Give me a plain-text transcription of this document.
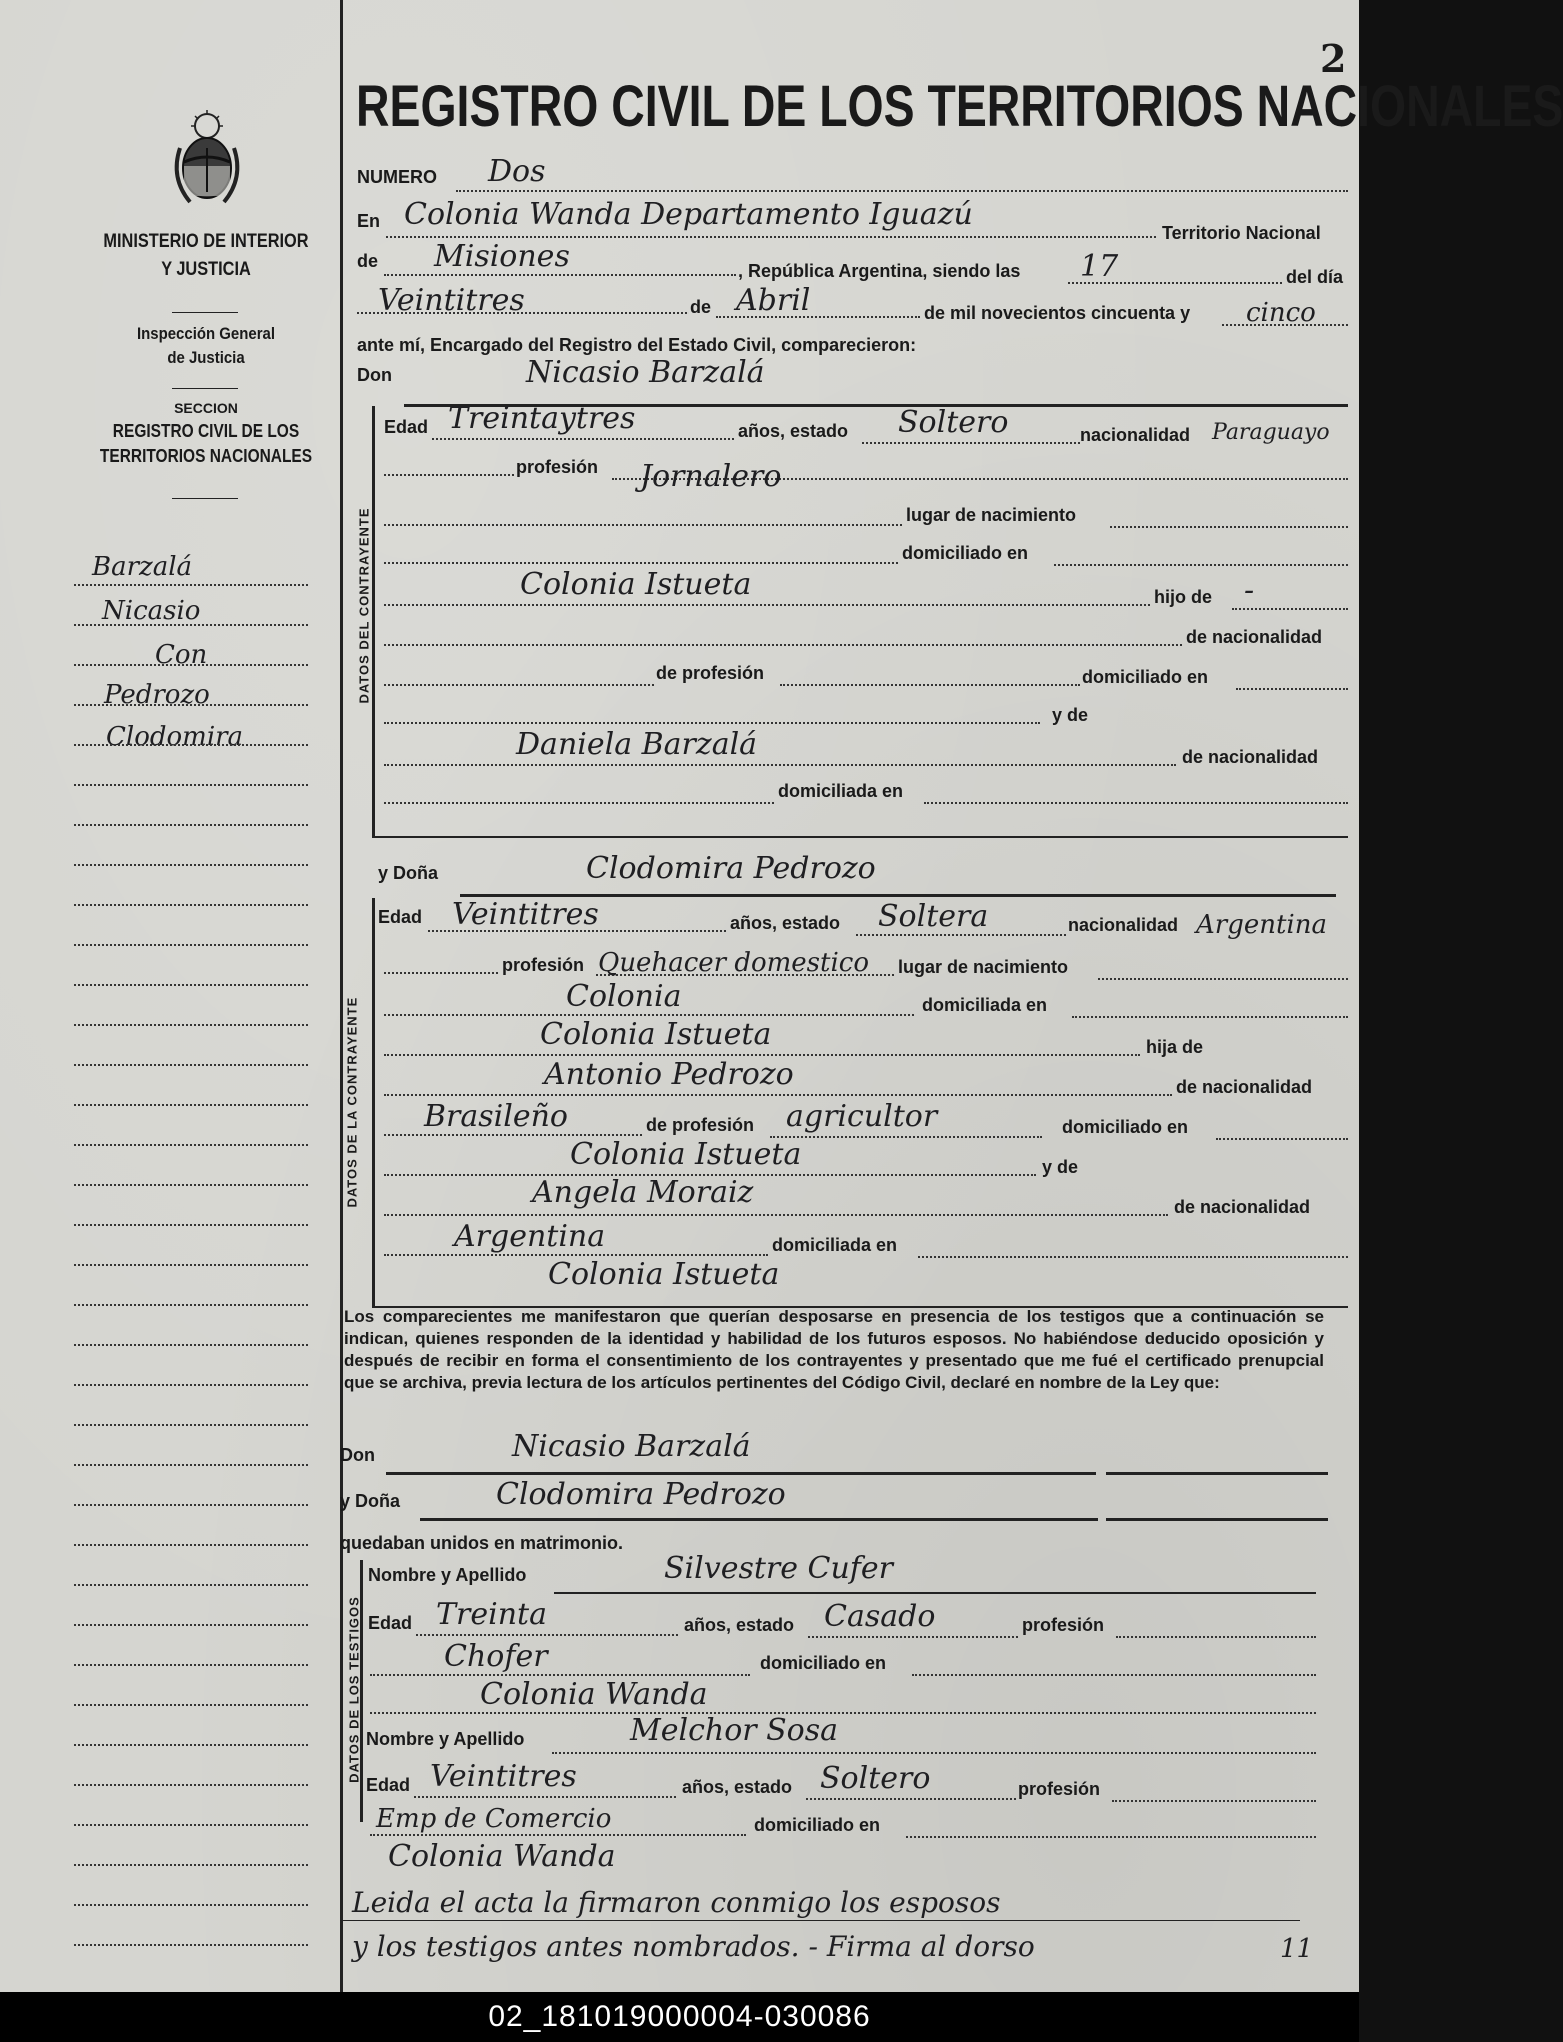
MINISTERIO DE INTERIOR
Y JUSTICIA
Inspección General
de Justicia
SECCION
REGISTRO CIVIL DE LOS
TERRITORIOS NACIONALES
Barzalá
Nicasio
Con
Pedrozo
Clodomira
2
REGISTRO CIVIL DE LOS TERRITORIOS NACIONALES
NUMERO Dos
En Colonia Wanda Departamento Iguazú
Territorio Nacional
de Misiones	, República Argentina, siendo las 17	del día
Veintitres	de Abril	de mil novecientos cincuenta y cinco
ante mí, Encargado del Registro del Estado Civil, comparecieron:
Don	Nicasio Barzalá
DATOS DEL CONTRAYENTE
Edad Treintaytres	años, estado Soltero	nacionalidad Paraguayo
profesión Jornalero
lugar de nacimiento
domiciliado en
Colonia Istueta	hijo de -
de nacionalidad
de profesión	domiciliado en
y de
Daniela Barzalá	de nacionalidad
domiciliada en
y Doña	Clodomira Pedrozo
DATOS DE LA CONTRAYENTE
Edad Veintitres	años, estado Soltera	nacionalidad Argentina
profesión Quehacer domestico lugar de nacimiento
Colonia	domiciliada en
Colonia Istueta	hija de
Antonio Pedrozo	de nacionalidad
Brasileño	de profesión agricultor	domiciliado en
Colonia Istueta	y de
Angela Moraiz	de nacionalidad
Argentina	domiciliada en
Colonia Istueta
Los comparecientes me manifestaron que querían desposarse en presencia de los testigos que a continuación se indican, quienes responden de la identidad y habilidad de los futuros esposos. No habiéndose deducido oposición y después de recibir en forma el consentimiento de los contrayentes y presentado que me fué el certificado prenupcial que se archiva, previa lectura de los artículos pertinentes del Código Civil, declaré en nombre de la Ley que:
Don	Nicasio Barzalá
y Doña	Clodomira Pedrozo
quedaban unidos en matrimonio.
DATOS DE LOS TESTIGOS
Nombre y Apellido	Silvestre Cufer
Edad Treinta	años, estado Casado	profesión
Chofer	domiciliado en
Colonia Wanda
Nombre y Apellido	Melchor Sosa
Edad Veintitres	años, estado Soltero	profesión
Emp de Comercio	domiciliado en
Colonia Wanda
Leida el acta la firmaron conmigo los esposos
y los testigos antes nombrados. - Firma al dorso	11
02_181019000004-030086
